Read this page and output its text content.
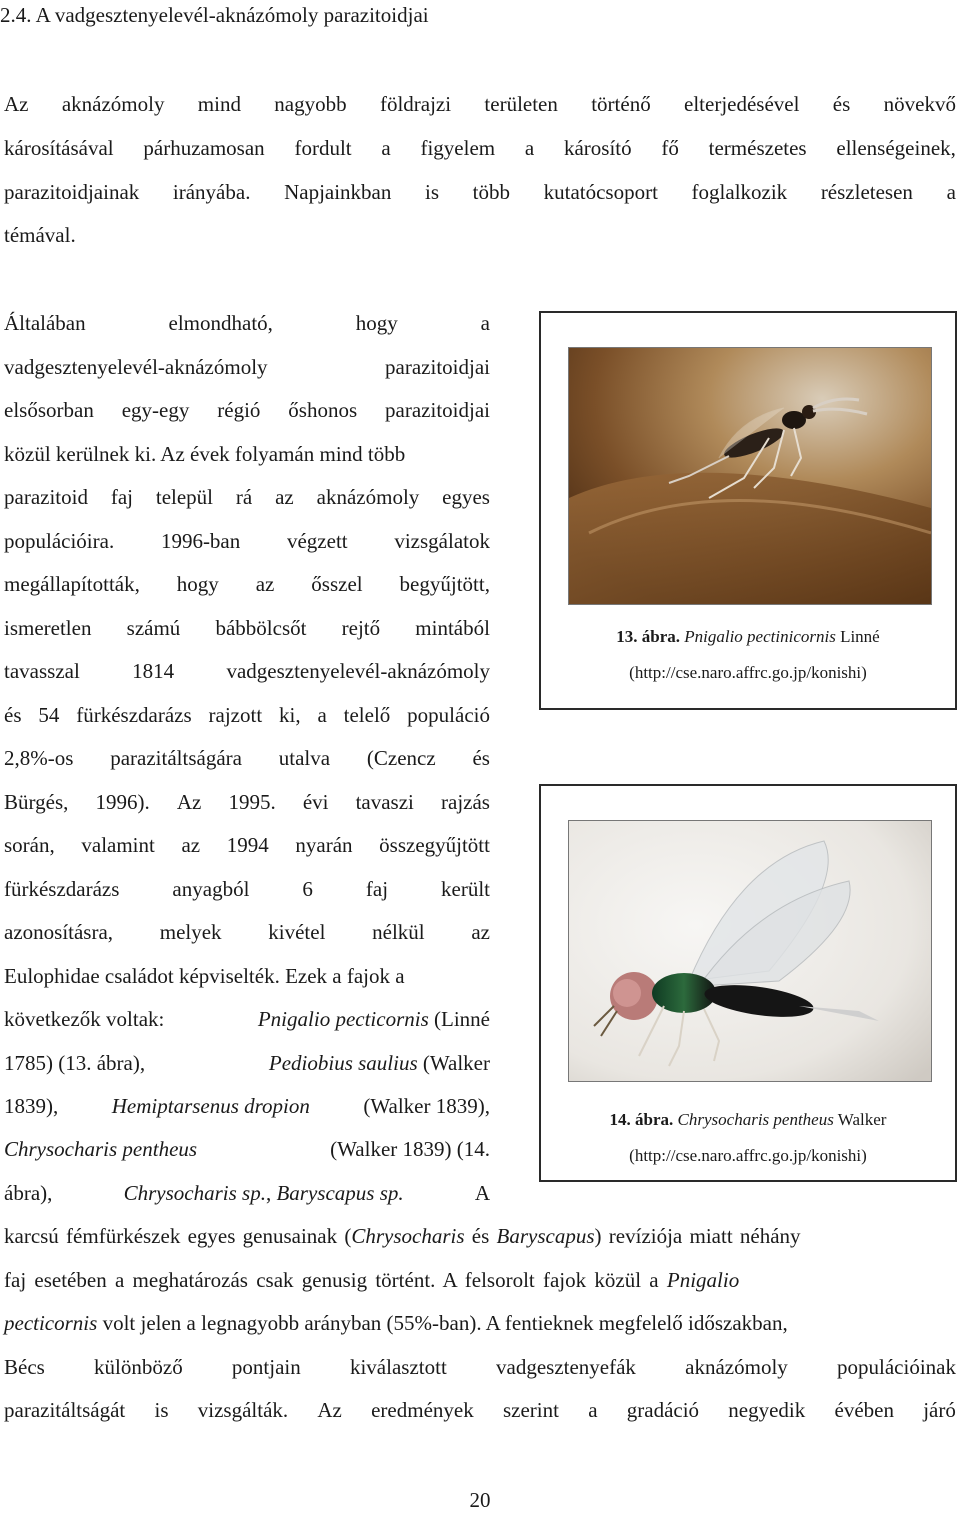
2.4. A vadgesztenyelevél-aknázómoly parazitoidjai
Az aknázómoly mind nagyobb földrajzi területen történő elterjedésével és növekvő
károsításával párhuzamosan fordult a figyelem a károsító fő természetes ellenségeinek,
parazitoidjainak irányába. Napjainkban is több kutatócsoport foglalkozik részletesen a
témával.
Általában	elmondható,	hogy	a
vadgesztenyelevél-aknázómoly	parazitoidjai
elsősorban egy-egy régió őshonos parazitoidjai
közül kerülnek ki. Az évek folyamán mind több
parazitoid faj települ rá az aknázómoly egyes
populációira. 1996-ban végzett vizsgálatok
megállapították, hogy az ősszel begyűjtött,
ismeretlen számú bábbölcsőt rejtő mintából
tavasszal 1814 vadgesztenyelevél-aknázómoly
és 54 fürkészdarázs rajzott ki, a telelő populáció
2,8%-os parazitáltságára utalva (Czencz és
Bürgés, 1996). Az 1995. évi tavaszi rajzás
során, valamint az 1994 nyarán összegyűjtött
fürkészdarázs	anyagból	6	faj	került
azonosításra, melyek kivétel nélkül az
Eulophidae családot képviselték. Ezek a fajok a
következők voltak:	Pnigalio pecticornis (Linné
1785) (13. ábra),	Pediobius saulius (Walker
1839),	Hemiptarsenus dropion	(Walker 1839),
Chrysocharis pentheus	(Walker 1839) (14.
ábra),	Chrysocharis sp., Baryscapus sp.	A
karcsú fémfürkészek egyes genusainak (Chrysocharis és Baryscapus) revíziója miatt néhány
faj esetében a meghatározás csak genusig történt. A felsorolt fajok közül a Pnigalio
pecticornis volt jelen a legnagyobb arányban (55%-ban). A fentieknek megfelelő időszakban,
Bécs különböző pontjain kiválasztott vadgesztenyefák aknázómoly populációinak
parazitáltságát is vizsgálták. Az eredmények szerint a gradáció negyedik évében járó
13. ábra. Pnigalio pectinicornis Linné
(http://cse.naro.affrc.go.jp/konishi)
14. ábra. Chrysocharis pentheus Walker
(http://cse.naro.affrc.go.jp/konishi)
20
